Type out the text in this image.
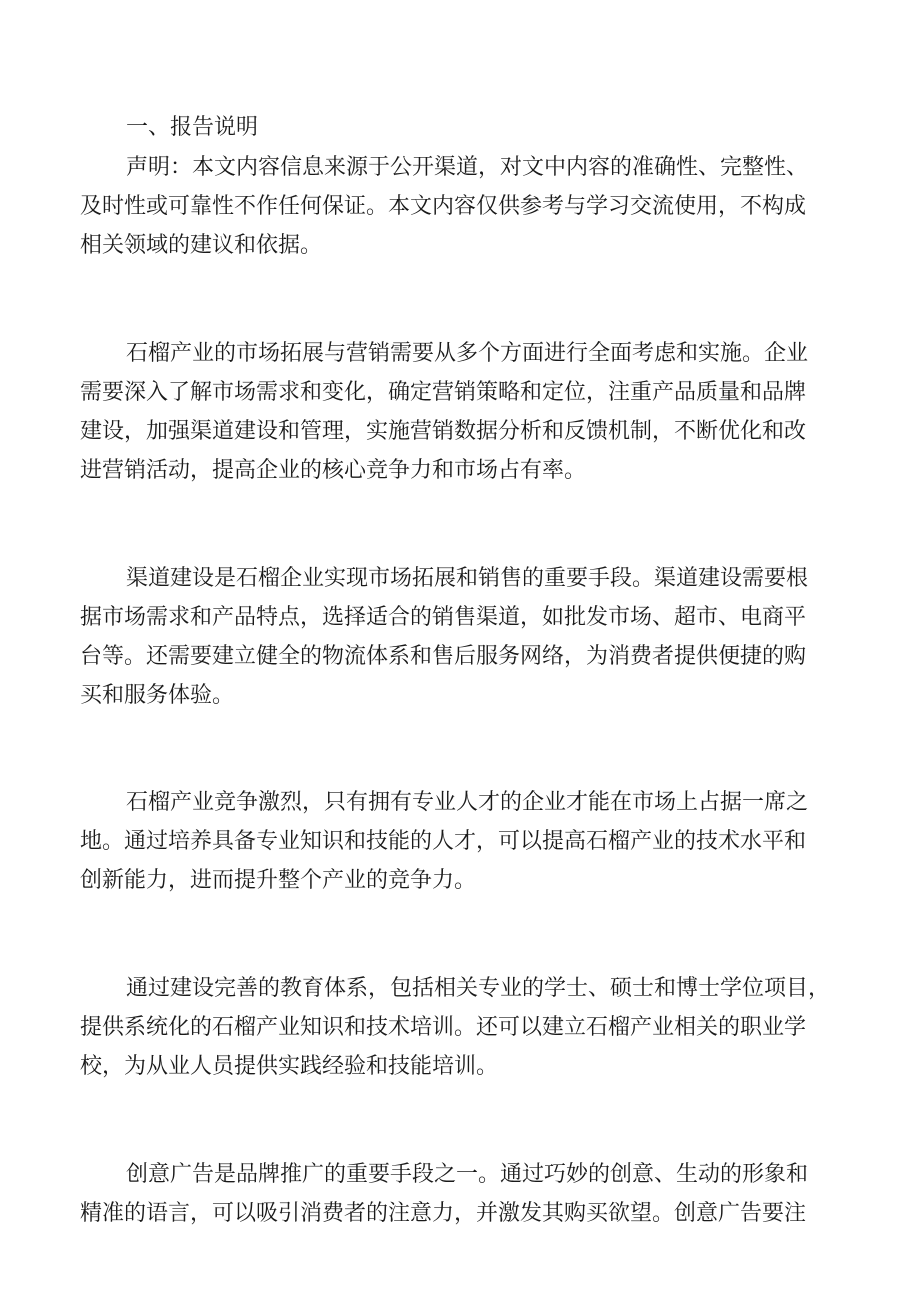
一、报告说明
声明：本文内容信息来源于公开渠道，对文中内容的准确性、完整性、
及时性或可靠性不作任何保证。本文内容仅供参考与学习交流使用，不构成
相关领域的建议和依据。
石榴产业的市场拓展与营销需要从多个方面进行全面考虑和实施。企业
需要深入了解市场需求和变化，确定营销策略和定位，注重产品质量和品牌
建设，加强渠道建设和管理，实施营销数据分析和反馈机制，不断优化和改
进营销活动，提高企业的核心竞争力和市场占有率。
渠道建设是石榴企业实现市场拓展和销售的重要手段。渠道建设需要根
据市场需求和产品特点，选择适合的销售渠道，如批发市场、超市、电商平
台等。还需要建立健全的物流体系和售后服务网络，为消费者提供便捷的购
买和服务体验。
石榴产业竞争激烈，只有拥有专业人才的企业才能在市场上占据一席之
地。通过培养具备专业知识和技能的人才，可以提高石榴产业的技术水平和
创新能力，进而提升整个产业的竞争力。
通过建设完善的教育体系，包括相关专业的学士、硕士和博士学位项目，
提供系统化的石榴产业知识和技术培训。还可以建立石榴产业相关的职业学
校，为从业人员提供实践经验和技能培训。
创意广告是品牌推广的重要手段之一。通过巧妙的创意、生动的形象和
精准的语言，可以吸引消费者的注意力，并激发其购买欲望。创意广告要注
